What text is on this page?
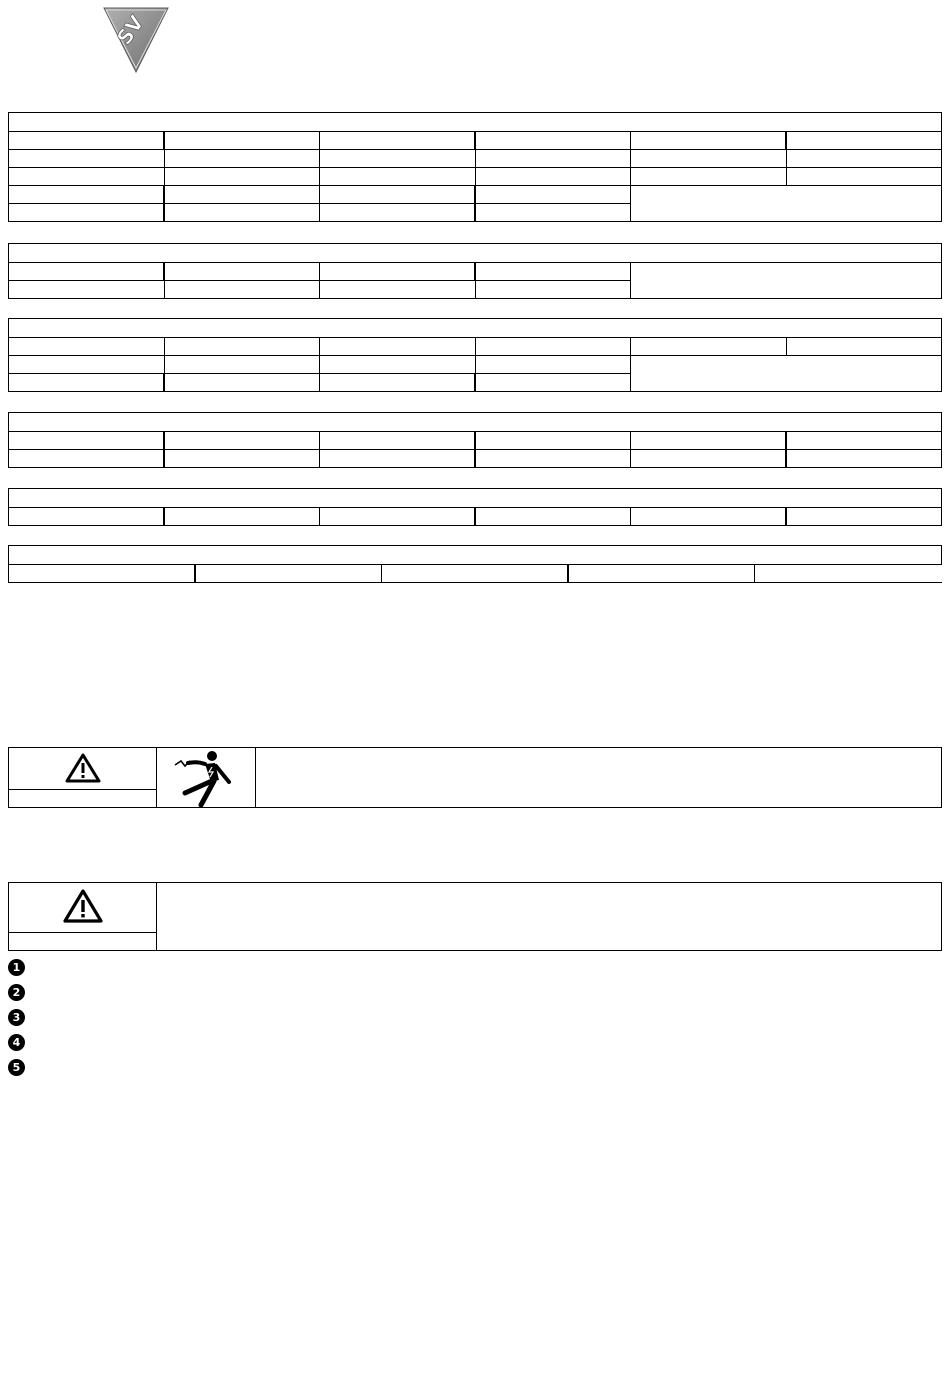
SV

1
2
3
4
5
